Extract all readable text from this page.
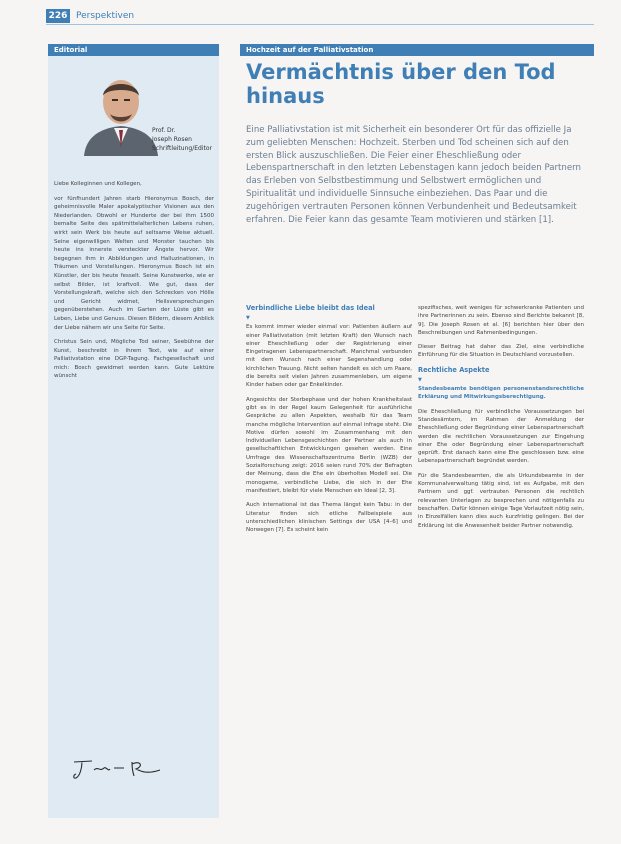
226 Perspektiven
Editorial
Prof. Dr.
Joseph Rosen
Schriftleitung/Editor

Liebe Kolleginnen und Kollegen,

vor fünfhundert Jahren starb Hieronymus Bosch, der geheimnisvolle Maler apokalyptischer Visionen aus den Niederlanden. Obwohl er Hunderte der bei ihm 1500 bemalte Seite des spätmittelalterlichen Lebens ruhen, wirkt sein Werk bis heute auf seltsame Weise aktuell. Seine eigenwilligen Welten und Monster tauchen bis heute ins innerste versteckter Ängste hervor. Wir begegnen ihm in Abbildungen und Halluzinationen, in Träumen und Vorstellungen. Hieronymus Bosch ist ein Künstler, der bis heute fesselt. Seine Kunstwerke, wie er selbst Bilder, ist kraftvoll. Wie gut, dass der Vorstellungskraft, welche sich den Schrecken von Hölle und Gericht widmet, Heilsversprechungen gegenüberstehen. Auch im Garten der Lüste gibt es Leben, Liebe und Genuss. Diesen Bildern, diesem Anblick der Liebe nähern wir uns Seite für Seite.

Christus Sein und, Mögliche Tod seiner, Seebühne der Kunst, beschreibt in ihrem Text, wie auf einer Palliativstation eine DGP-Tagung. Fachgesellschaft und mich: Bosch gewidmet werden kann. Gute Lektüre wünscht

Hochzeit auf der Palliativstation
Vermächtnis über den Tod hinaus
Eine Palliativstation ist mit Sicherheit ein besonderer Ort für das offizielle Ja zum geliebten Menschen: Hochzeit. Sterben und Tod scheinen sich auf den ersten Blick auszuschließen. Die Feier einer Eheschließung oder Lebenspartnerschaft in den letzten Lebenstagen kann jedoch beiden Partnern das Erleben von Selbstbestimmung und Selbstwert ermöglichen und Spiritualität und individuelle Sinnsuche einbeziehen. Das Paar und die zugehörigen vertrauten Personen können Verbundenheit und Bedeutsamkeit erfahren. Die Feier kann das gesamte Team motivieren und stärken [1].
Verbindliche Liebe bleibt das Ideal
▼

Es kommt immer wieder einmal vor: Patienten äußern auf einer Palliativstation (mit letzten Kraft) den Wunsch nach einer Eheschließung oder der Registrierung einer Eingetragenen Lebenspartnerschaft. Manchmal verbunden mit dem Wunsch nach einer Segenshandlung oder kirchlichen Trauung. Nicht selten handelt es sich um Paare, die bereits seit vielen Jahren zusammenleben, um eigene Kinder haben oder gar Enkelkinder.

Angesichts der Sterbephase und der hohen Krankheitslast gibt es in der Regel kaum Gelegenheit für ausführliche Gespräche zu allen Aspekten, weshalb für das Team manche mögliche Intervention auf einmal infrage steht. Die Motive dürfen sowohl im Zusammenhang mit den Individuellen Lebensgeschichten der Partner als auch in gesellschaftlichen Entwicklungen gesehen werden. Eine Umfrage des Wissenschaftszentrums Berlin (WZB) der Sozialforschung zeigt: 2016 seien rund 70% der Befragten der Meinung, dass die Ehe ein überholtes Modell sei. Die monogame, verbindliche Liebe, die sich in der Ehe manifestiert, bleibt für viele Menschen ein Ideal [2, 3].

Auch international ist das Thema längst kein Tabu: in der Literatur finden sich etliche Fallbeispiele aus unterschiedlichen klinischen Settings der USA [4–6] und Norwegen [7]. Es scheint kein

spezifisches, weit weniges für schwerkranke Patienten und ihre Partnerinnen zu sein. Ebenso sind Berichte bekannt [8, 9]. Die Joseph Rosen et al. [6] berichten hier über den Beschreibungen und Rahmenbedingungen.

Dieser Beitrag hat daher das Ziel, eine verbindliche Einführung für die Situation in Deutschland vorzustellen.

Rechtliche Aspekte
▼

Standesbeamte benötigen personenstandsrechtliche Erklärung und Mitwirkungsberechtigung.

Die Eheschließung für verbindliche Voraussetzungen bei Standesämtern, im Rahmen der Anmeldung der Eheschließung oder Begründung einer Lebenspartnerschaft werden die rechtlichen Voraussetzungen zur Eingehung einer Ehe oder Begründung einer Lebenspartnerschaft geprüft. Erst danach kann eine Ehe geschlossen bzw. eine Lebenspartnerschaft begründet werden.

Für die Standesbeamten, die als Urkundsbeamte in der Kommunalverwaltung tätig sind, ist es Aufgabe, mit den Partnern und ggf. vertrauten Personen die rechtlich relevanten Unterlagen zu besprechen und nötigenfalls zu beschaffen. Dafür können einige Tage Vorlaufzeit nötig sein, in Einzelfällen kann dies auch kurzfristig gelingen. Bei der Erklärung ist die Anwesenheit beider Partner notwendig.
